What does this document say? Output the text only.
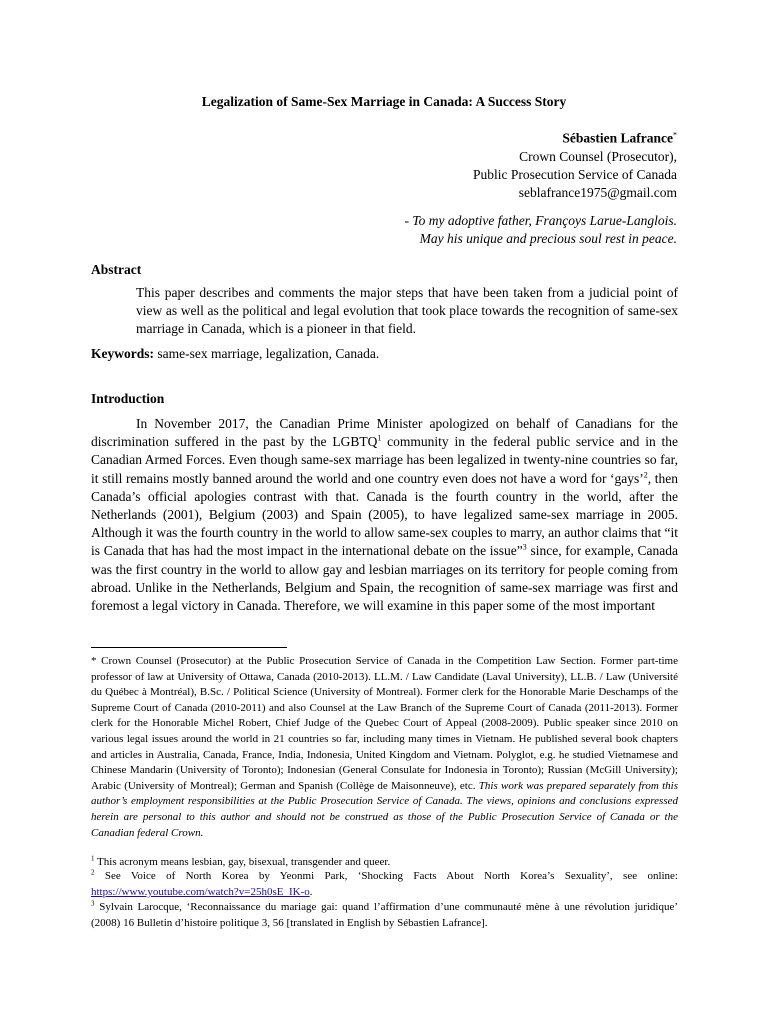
Legalization of Same-Sex Marriage in Canada: A Success Story
Sébastien Lafrance*
Crown Counsel (Prosecutor),
Public Prosecution Service of Canada
seblafrance1975@gmail.com
- To my adoptive father, Françoys Larue-Langlois.
May his unique and precious soul rest in peace.
Abstract
This paper describes and comments the major steps that have been taken from a judicial point of view as well as the political and legal evolution that took place towards the recognition of same-sex marriage in Canada, which is a pioneer in that field.
Keywords: same-sex marriage, legalization, Canada.
Introduction
In November 2017, the Canadian Prime Minister apologized on behalf of Canadians for the discrimination suffered in the past by the LGBTQ$^1$ community in the federal public service and in the Canadian Armed Forces. Even though same-sex marriage has been legalized in twenty-nine countries so far, it still remains mostly banned around the world and one country even does not have a word for ‘gays’$^2$, then Canada’s official apologies contrast with that. Canada is the fourth country in the world, after the Netherlands (2001), Belgium (2003) and Spain (2005), to have legalized same-sex marriage in 2005. Although it was the fourth country in the world to allow same-sex couples to marry, an author claims that “it is Canada that has had the most impact in the international debate on the issue”$^3$ since, for example, Canada was the first country in the world to allow gay and lesbian marriages on its territory for people coming from abroad. Unlike in the Netherlands, Belgium and Spain, the recognition of same-sex marriage was first and foremost a legal victory in Canada. Therefore, we will examine in this paper some of the most important
* Crown Counsel (Prosecutor) at the Public Prosecution Service of Canada in the Competition Law Section. Former part-time professor of law at University of Ottawa, Canada (2010-2013). LL.M. / Law Candidate (Laval University), LL.B. / Law (Université du Québec à Montréal), B.Sc. / Political Science (University of Montreal). Former clerk for the Honorable Marie Deschamps of the Supreme Court of Canada (2010-2011) and also Counsel at the Law Branch of the Supreme Court of Canada (2011-2013). Former clerk for the Honorable Michel Robert, Chief Judge of the Quebec Court of Appeal (2008-2009). Public speaker since 2010 on various legal issues around the world in 21 countries so far, including many times in Vietnam. He published several book chapters and articles in Australia, Canada, France, India, Indonesia, United Kingdom and Vietnam. Polyglot, e.g. he studied Vietnamese and Chinese Mandarin (University of Toronto); Indonesian (General Consulate for Indonesia in Toronto); Russian (McGill University); Arabic (University of Montreal); German and Spanish (Collège de Maisonneuve), etc. This work was prepared separately from this author’s employment responsibilities at the Public Prosecution Service of Canada. The views, opinions and conclusions expressed herein are personal to this author and should not be construed as those of the Public Prosecution Service of Canada or the Canadian federal Crown.
$^1$ This acronym means lesbian, gay, bisexual, transgender and queer.
$^2$ See Voice of North Korea by Yeonmi Park, ‘Shocking Facts About North Korea’s Sexuality’, see online: https://www.youtube.com/watch?v=25h0sE_IK-o.
$^3$ Sylvain Larocque, ‘Reconnaissance du mariage gai: quand l’affirmation d’une communauté mène à une révolution juridique’ (2008) 16 Bulletin d’histoire politique 3, 56 [translated in English by Sébastien Lafrance].
